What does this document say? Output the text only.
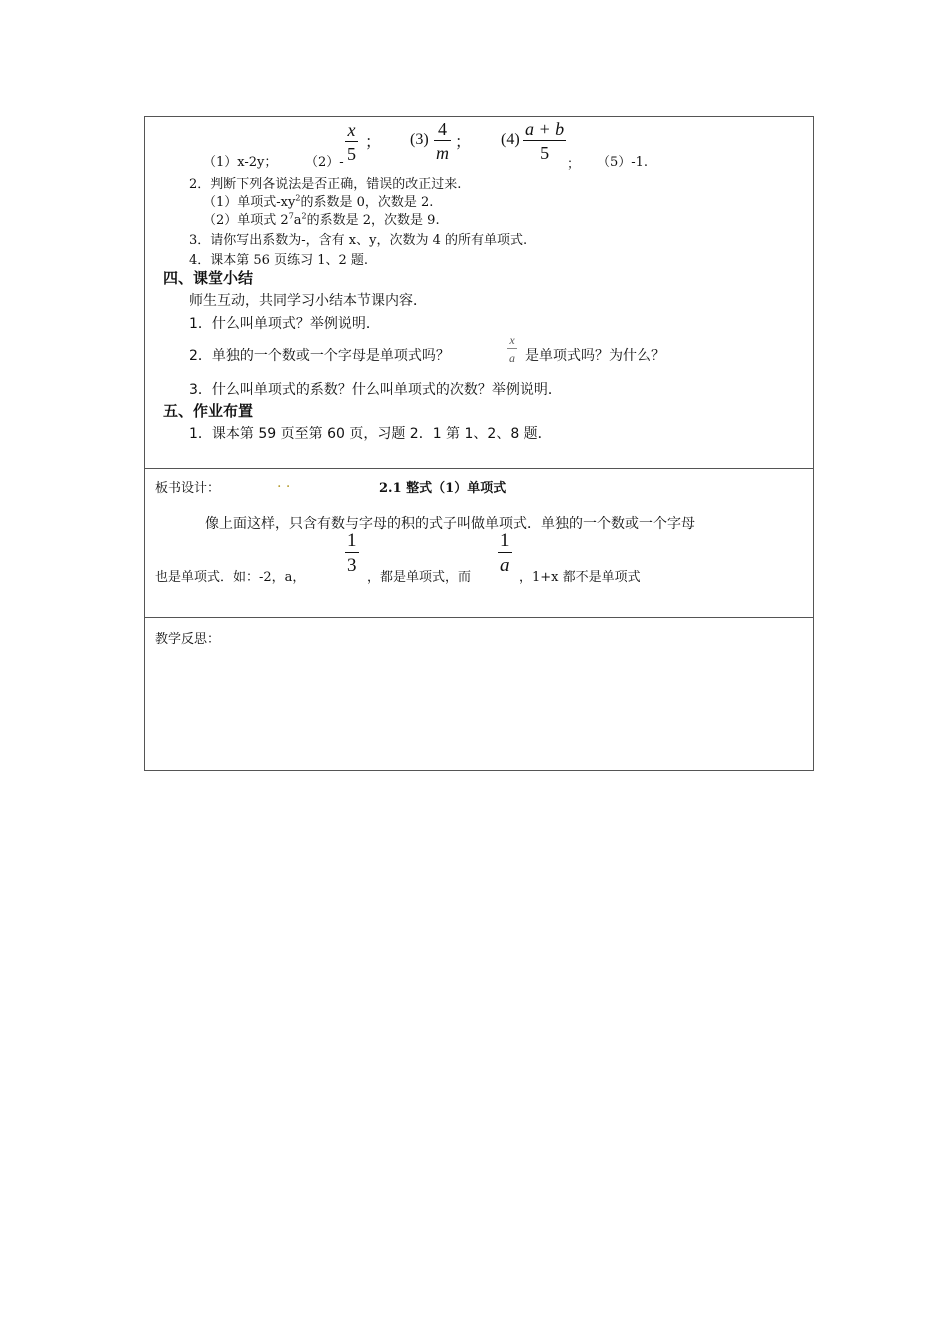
（1）x-2y； （2）-
x
5
； (3)
4
m
； (4)
a + b
5
； （5）-1.
2．判断下列各说法是否正确，错误的改正过来.
（1）单项式$-xy^2$的系数是 0，次数是 2.
（2）单项式 $2^7a^2$的系数是 2，次数是 9.
3．请你写出系数为-，含有 x、y，次数为 4 的所有单项式.
4．课本第 56 页练习 1、2 题.
四、课堂小结
师生互动，共同学习小结本节课内容．
1．什么叫单项式？举例说明．
2．单独的一个数或一个字母是单项式吗？
x
a 是单项式吗？为什么？
3．什么叫单项式的系数？什么叫单项式的次数？举例说明．
五、作业布置
1．课本第 59 页至第 60 页，习题 2．1 第 1、2、8 题．
板书设计：	. .	2.1 整式（1）单项式
像上面这样，只含有数与字母的积的式子叫做单项式．单独的一个数或一个字母
也是单项式．如：-2，a，
1
3
，都是单项式，而
1
a
，1+x 都不是单项式
教学反思：
